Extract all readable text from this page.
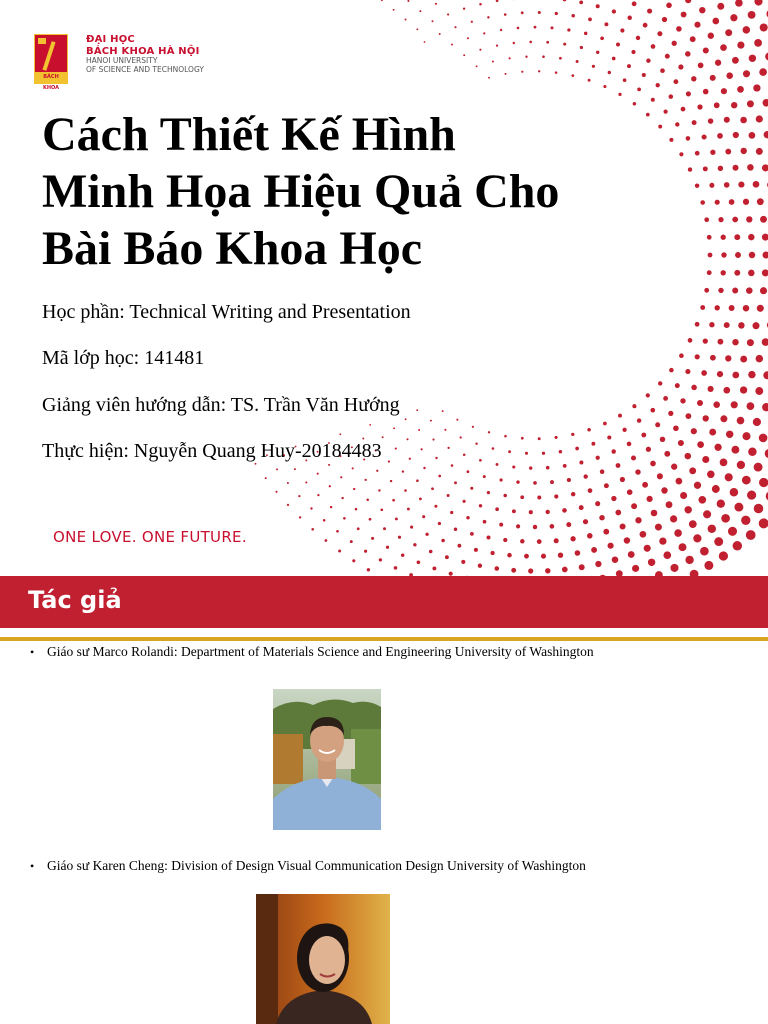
BÁCH KHOA
ĐẠI HỌC
BÁCH KHOA HÀ NỘI
HANOI UNIVERSITY
OF SCIENCE AND TECHNOLOGY
Cách Thiết Kế Hình
Minh Họa Hiệu Quả Cho
Bài Báo Khoa Học

Học phần: Technical Writing and Presentation

Mã lớp học: 141481

Giảng viên hướng dẫn: TS. Trần Văn Hướng

Thực hiện: Nguyễn Quang Huy-20184483

ONE LOVE. ONE FUTURE.
Tác giả
• Giáo sư Marco Rolandi: Department of Materials Science and Engineering University of Washington
• Giáo sư Karen Cheng: Division of Design Visual Communication Design University of Washington
